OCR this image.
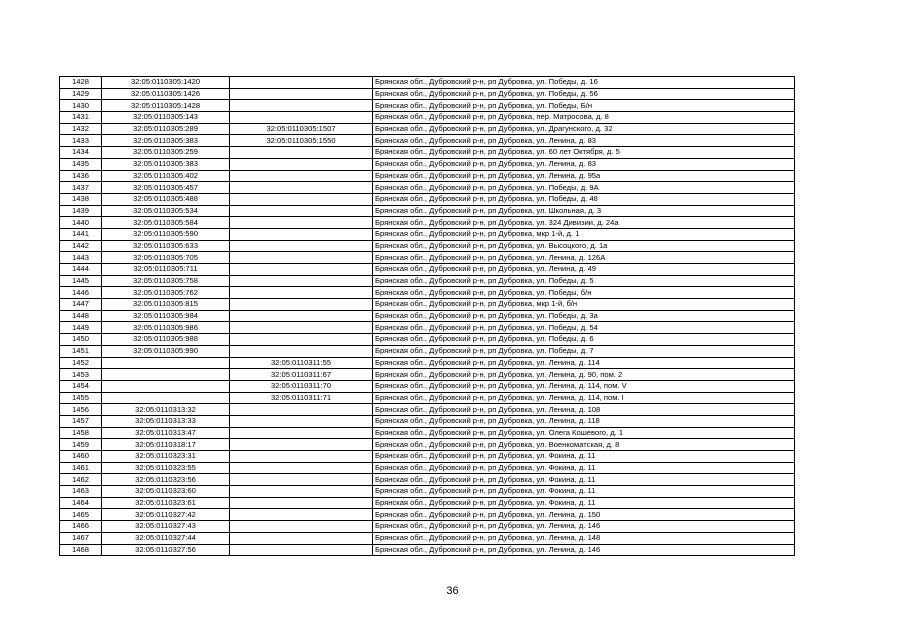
1428	32:05:0110305:1420		Брянская обл., Дубровский р-н, рп Дубровка, ул. Победы, д. 16
1429	32:05:0110305:1426		Брянская обл., Дубровский р-н, рп Дубровка, ул. Победы, д. 56
1430	32:05:0110305:1428		Брянская обл., Дубровский р-н, рп Дубровка, ул. Победы, Б/н
1431	32:05:0110305:143		Брянская обл., Дубровский р-н, рп Дубровка, пер. Матросова, д. 8
1432	32:05:0110305:289	32:05:0110305:1507	Брянская обл., Дубровский р-н, рп Дубровка, ул. Драгунского, д. 32
1433	32:05:0110305:383	32:05:0110305:1550	Брянская обл., Дубровский р-н, рп Дубровка, ул. Ленина, д. 83
1434	32:05:0110305:259		Брянская обл., Дубровский р-н, рп Дубровка, ул. 60 лет Октября, д. 5
1435	32:05:0110305:383		Брянская обл., Дубровский р-н, рп Дубровка, ул. Ленина, д. 83
1436	32:05:0110305:402		Брянская обл., Дубровский р-н, рп Дубровка, ул. Ленина, д. 95а
1437	32:05:0110305:457		Брянская обл., Дубровский р-н, рп Дубровка, ул. Победы, д. 9А
1438	32:05:0110305:488		Брянская обл., Дубровский р-н, рп Дубровка, ул. Победы, д. 48
1439	32:05:0110305:534		Брянская обл., Дубровский р-н, рп Дубровка, ул. Школьная, д. 3
1440	32:05:0110305:584		Брянская обл., Дубровский р-н, рп Дубровка, ул. 324 Дивизии, д. 24а
1441	32:05:0110305:590		Брянская обл., Дубровский р-н, рп Дубровка, мкр 1-й, д. 1
1442	32:05:0110305:633		Брянская обл., Дубровский р-н, рп Дубровка, ул. Высоцкого, д. 1а
1443	32:05:0110305:705		Брянская обл., Дубровский р-н, рп Дубровка, ул. Ленина, д. 126А
1444	32:05:0110305:711		Брянская обл., Дубровский р-н, рп Дубровка, ул. Ленина, д. 49
1445	32:05:0110305:758		Брянская обл., Дубровский р-н, рп Дубровка, ул. Победы, д. 5
1446	32:05:0110305:762		Брянская обл., Дубровский р-н, рп Дубровка, ул. Победы, б/н
1447	32:05:0110305:815		Брянская обл., Дубровский р-н, рп Дубровка, мкр 1-й, б/н
1448	32:05:0110305:984		Брянская обл., Дубровский р-н, рп Дубровка, ул. Победы, д. 3а
1449	32:05:0110305:986		Брянская обл., Дубровский р-н, рп Дубровка, ул. Победы, д. 54
1450	32:05:0110305:988		Брянская обл., Дубровский р-н, рп Дубровка, ул. Победы, д. 6
1451	32:05:0110305:990		Брянская обл., Дубровский р-н, рп Дубровка, ул. Победы, д. 7
1452		32:05:0110311:55	Брянская обл., Дубровский р-н, рп Дубровка, ул. Ленина, д. 114
1453		32:05:0110311:67	Брянская обл., Дубровский р-н, рп Дубровка, ул. Ленина, д. 90, пом. 2
1454		32:05:0110311:70	Брянская обл., Дубровский р-н, рп Дубровка, ул. Ленина, д. 114, пом. V
1455		32:05:0110311:71	Брянская обл., Дубровский р-н, рп Дубровка, ул. Ленина, д. 114, пом. I
1456	32:05:0110313:32		Брянская обл., Дубровский р-н, рп Дубровка, ул. Ленина, д. 108
1457	32:05:0110313:33		Брянская обл., Дубровский р-н, рп Дубровка, ул. Ленина, д. 118
1458	32:05:0110313:47		Брянская обл., Дубровский р-н, рп Дубровка, ул. Олега Кошевого, д. 1
1459	32:05:0110318:17		Брянская обл., Дубровский р-н, рп Дубровка, ул. Военкоматская, д. 8
1460	32:05:0110323:31		Брянская обл., Дубровский р-н, рп Дубровка, ул. Фокина, д. 11
1461	32:05:0110323:55		Брянская обл., Дубровский р-н, рп Дубровка, ул. Фокина, д. 11
1462	32:05:0110323:56		Брянская обл., Дубровский р-н, рп Дубровка, ул. Фокина, д. 11
1463	32:05:0110323:60		Брянская обл., Дубровский р-н, рп Дубровка, ул. Фокина, д. 11
1464	32:05:0110323:61		Брянская обл., Дубровский р-н, рп Дубровка, ул. Фокина, д. 11
1465	32:05:0110327:42		Брянская обл., Дубровский р-н, рп Дубровка, ул. Ленина, д. 150
1466	32:05:0110327:43		Брянская обл., Дубровский р-н, рп Дубровка, ул. Ленина, д. 146
1467	32:05:0110327:44		Брянская обл., Дубровский р-н, рп Дубровка, ул. Ленина, д. 148
1468	32:05:0110327:56		Брянская обл., Дубровский р-н, рп Дубровка, ул. Ленина, д. 146
36
